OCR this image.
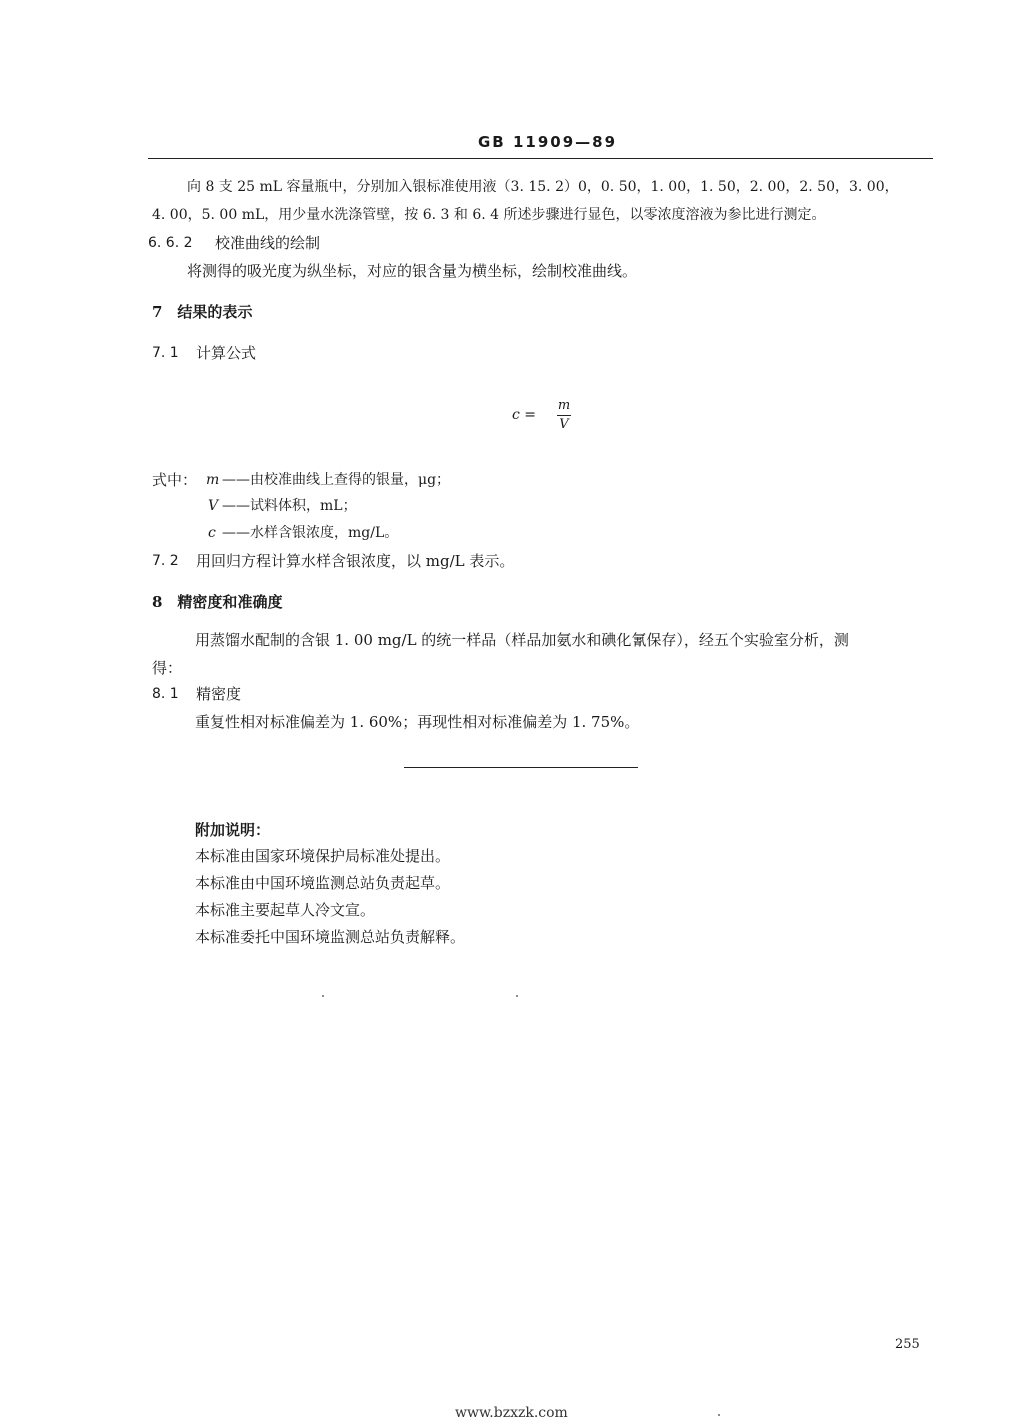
GB 11909—89
向 8 支 25 mL 容量瓶中，分别加入银标准使用液（3. 15. 2）0，0. 50，1. 00，1. 50，2. 00，2. 50，3. 00，
4. 00，5. 00 mL，用少量水洗涤管壁，按 6. 3 和 6. 4 所述步骤进行显色，以零浓度溶液为参比进行测定。
6. 6. 2 校准曲线的绘制
将测得的吸光度为纵坐标，对应的银含量为横坐标，绘制校准曲线。
7　结果的表示
7. 1 计算公式
c =
m
V
式中： m ——由校准曲线上查得的银量，μg；
V ——试料体积，mL；
c ——水样含银浓度，mg/L。
7. 2 用回归方程计算水样含银浓度，以 mg/L 表示。
8　精密度和准确度
用蒸馏水配制的含银 1. 00 mg/L 的统一样品（样品加氨水和碘化氰保存），经五个实验室分析，测
得：
8. 1 精密度
重复性相对标准偏差为 1. 60%；再现性相对标准偏差为 1. 75%。
附加说明：
本标准由国家环境保护局标准处提出。
本标准由中国环境监测总站负责起草。
本标准主要起草人冷文宣。
本标准委托中国环境监测总站负责解释。
255
www.bzxzk.com
